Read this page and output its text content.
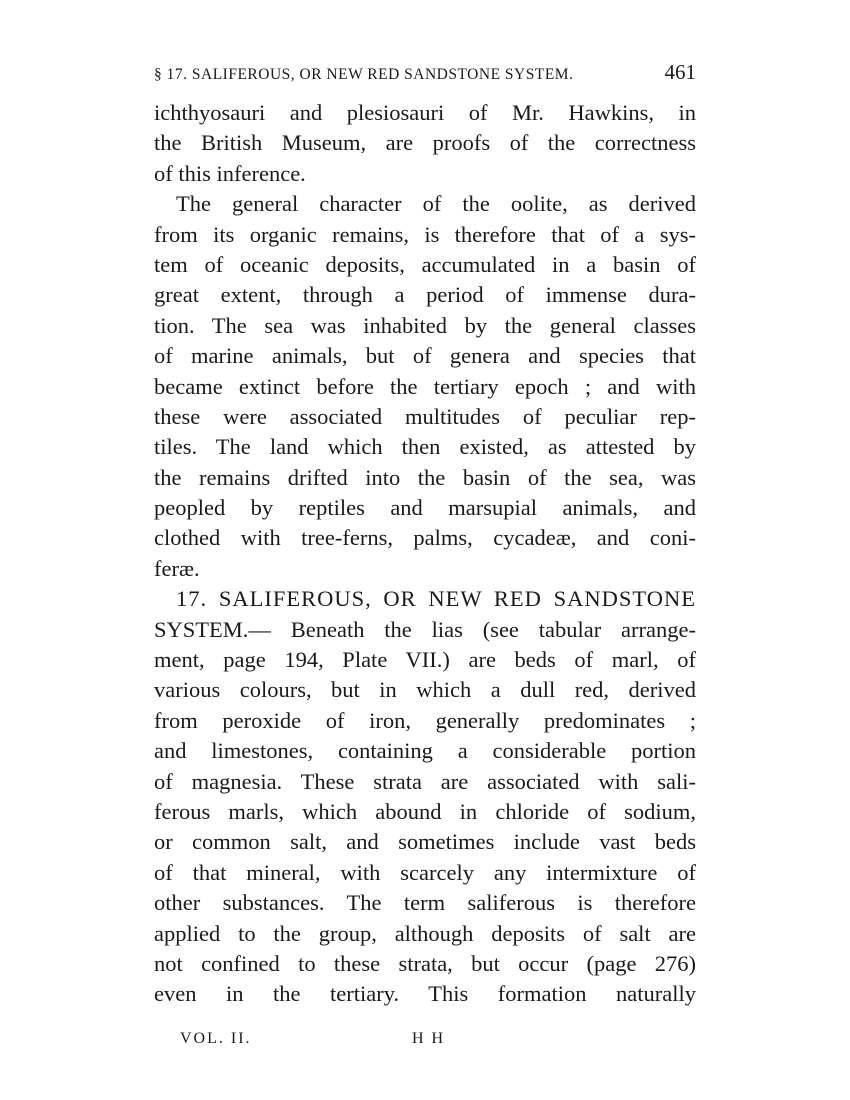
§ 17. SALIFEROUS, OR NEW RED SANDSTONE SYSTEM.	461
ichthyosauri and plesiosauri of Mr. Hawkins, in
the British Museum, are proofs of the correctness
of this inference.
The general character of the oolite, as derived
from its organic remains, is therefore that of a sys-
tem of oceanic deposits, accumulated in a basin of
great extent, through a period of immense dura-
tion. The sea was inhabited by the general classes
of marine animals, but of genera and species that
became extinct before the tertiary epoch ; and with
these were associated multitudes of peculiar rep-
tiles. The land which then existed, as attested by
the remains drifted into the basin of the sea, was
peopled by reptiles and marsupial animals, and
clothed with tree-ferns, palms, cycadeæ, and coni-
feræ.
17. SALIFEROUS, OR NEW RED SANDSTONE
SYSTEM.— Beneath the lias (see tabular arrange-
ment, page 194, Plate VII.) are beds of marl, of
various colours, but in which a dull red, derived
from peroxide of iron, generally predominates ;
and limestones, containing a considerable portion
of magnesia. These strata are associated with sali-
ferous marls, which abound in chloride of sodium,
or common salt, and sometimes include vast beds
of that mineral, with scarcely any intermixture of
other substances. The term saliferous is therefore
applied to the group, although deposits of salt are
not confined to these strata, but occur (page 276)
even in the tertiary. This formation naturally
VOL. II.	H H
